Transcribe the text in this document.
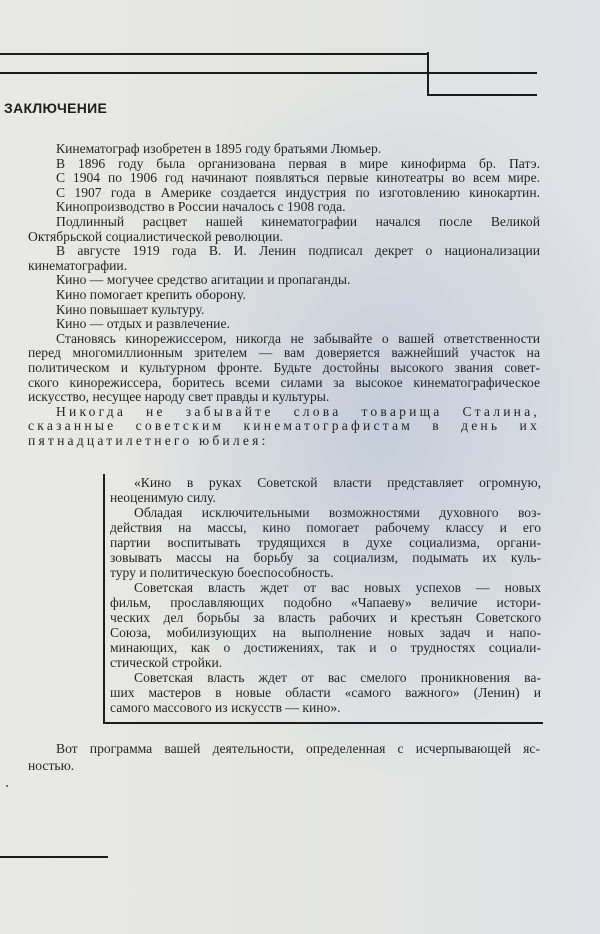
ЗАКЛЮЧЕНИЕ
Кинематограф изобретен в 1895 году братьями Люмьер.
В 1896 году была организована первая в мире кинофирма бр. Патэ.
С 1904 по 1906 год начинают появляться первые кинотеатры во всем мире.
С 1907 года в Америке создается индустрия по изготовлению кинокартин.
Кинопроизводство в России началось с 1908 года.
Подлинный расцвет нашей кинематографии начался после Великой
Октябрьской социалистической революции.
В августе 1919 года В. И. Ленин подписал декрет о национализации
кинематографии.
Кино — могучее средство агитации и пропаганды.
Кино помогает крепить оборону.
Кино повышает культуру.
Кино — отдых и развлечение.
Становясь кинорежиссером, никогда не забывайте о вашей ответственности
перед многомиллионным зрителем — вам доверяется важнейший участок на
политическом и культурном фронте. Будьте достойны высокого звания совет-
ского кинорежиссера, боритесь всеми силами за высокое кинематографическое
искусство, несущее народу свет правды и культуры.
Никогда не забывайте слова товарища Сталина,
сказанные советским кинематографистам в день их
пятнадцатилетнего юбилея:
«Кино в руках Советской власти представляет огромную,
неоценимую силу.
Обладая исключительными возможностями духовного воз-
действия на массы, кино помогает рабочему классу и его
партии воспитывать трудящихся в духе социализма, органи-
зовывать массы на борьбу за социализм, подымать их куль-
туру и политическую боеспособность.
Советская власть ждет от вас новых успехов — новых
фильм, прославляющих подобно «Чапаеву» величие истори-
ческих дел борьбы за власть рабочих и крестьян Советского
Союза, мобилизующих на выполнение новых задач и напо-
минающих, как о достижениях, так и о трудностях социали-
стической стройки.
Советская власть ждет от вас смелого проникновения ва-
ших мастеров в новые области «самого важного» (Ленин) и
самого массового из искусств — кино».
Вот программа вашей деятельности, определенная с исчерпывающей яс-
ностью.
